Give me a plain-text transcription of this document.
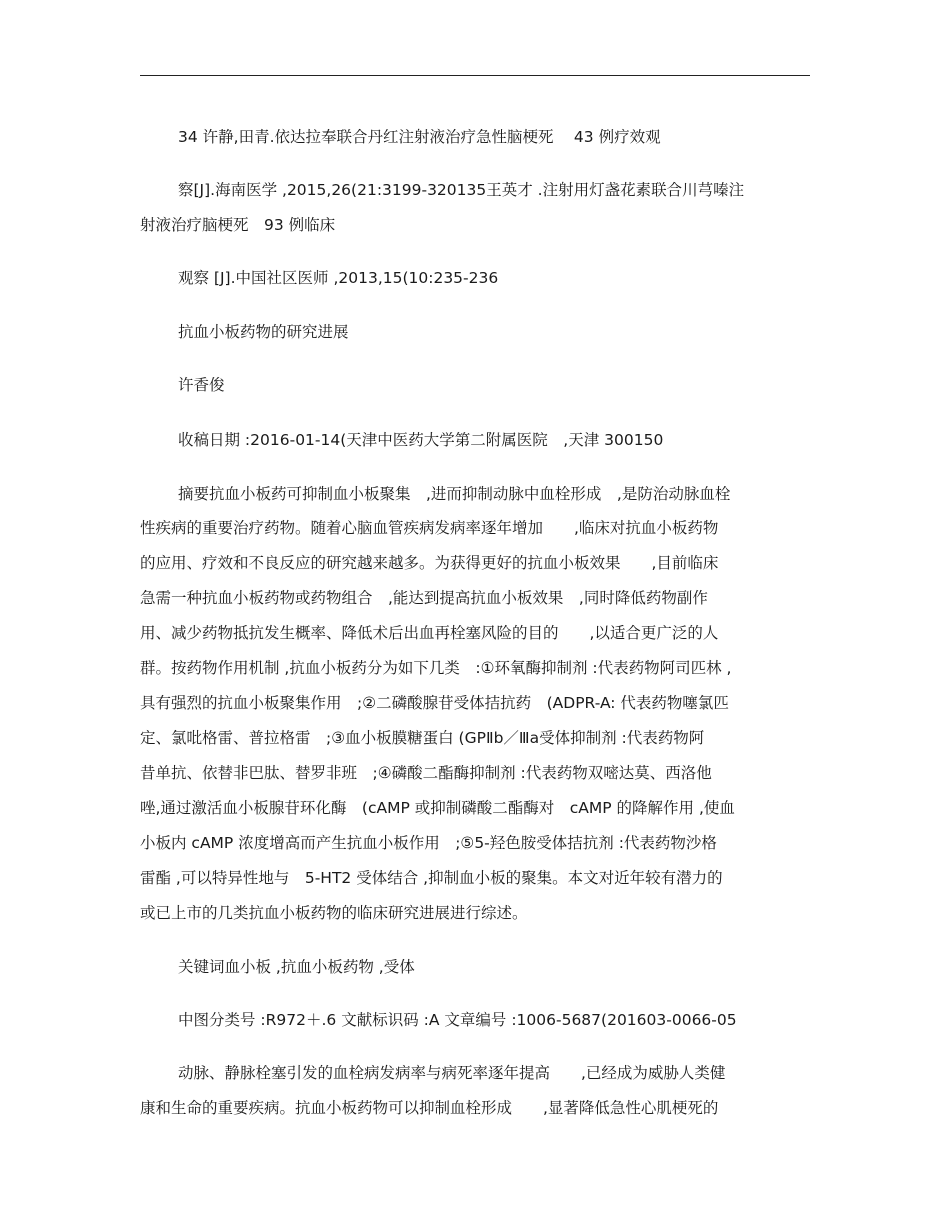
34 许静,田青.依达拉奉联合丹红注射液治疗急性脑梗死　 43 例疗效观
察[J].海南医学 ,2015,26(21:3199-320135王英才 .注射用灯盏花素联合川芎嗪注
射液治疗脑梗死　93 例临床
观察 [J].中国社区医师 ,2013,15(10:235-236
抗血小板药物的研究进展
许香俊
收稿日期 :2016-01-14(天津中医药大学第二附属医院　,天津 300150
摘要抗血小板药可抑制血小板聚集　,进而抑制动脉中血栓形成　,是防治动脉血栓
性疾病的重要治疗药物。随着心脑血管疾病发病率逐年增加　　,临床对抗血小板药物
的应用、疗效和不良反应的研究越来越多。为获得更好的抗血小板效果　　,目前临床
急需一种抗血小板药物或药物组合　,能达到提高抗血小板效果　,同时降低药物副作
用、减少药物抵抗发生概率、降低术后出血再栓塞风险的目的　　,以适合更广泛的人
群。按药物作用机制 ,抗血小板药分为如下几类　:①环氧酶抑制剂 :代表药物阿司匹林 ,
具有强烈的抗血小板聚集作用　;②二磷酸腺苷受体拮抗药　(ADPR-A: 代表药物噻氯匹
定、氯吡格雷、普拉格雷　;③血小板膜糖蛋白 (GPⅡb／Ⅲa受体抑制剂 :代表药物阿
昔单抗、依替非巴肽、替罗非班　;④磷酸二酯酶抑制剂 :代表药物双嘧达莫、西洛他
唑,通过激活血小板腺苷环化酶　(cAMP 或抑制磷酸二酯酶对　cAMP 的降解作用 ,使血
小板内 cAMP 浓度增高而产生抗血小板作用　;⑤5-羟色胺受体拮抗剂 :代表药物沙格
雷酯 ,可以特异性地与　5-HT2 受体结合 ,抑制血小板的聚集。本文对近年较有潜力的
或已上市的几类抗血小板药物的临床研究进展进行综述。
关键词血小板 ,抗血小板药物 ,受体
中图分类号 :R972＋.6 文献标识码 :A 文章编号 :1006-5687(201603-0066-05
动脉、静脉栓塞引发的血栓病发病率与病死率逐年提高　　,已经成为威胁人类健
康和生命的重要疾病。抗血小板药物可以抑制血栓形成　　,显著降低急性心肌梗死的
